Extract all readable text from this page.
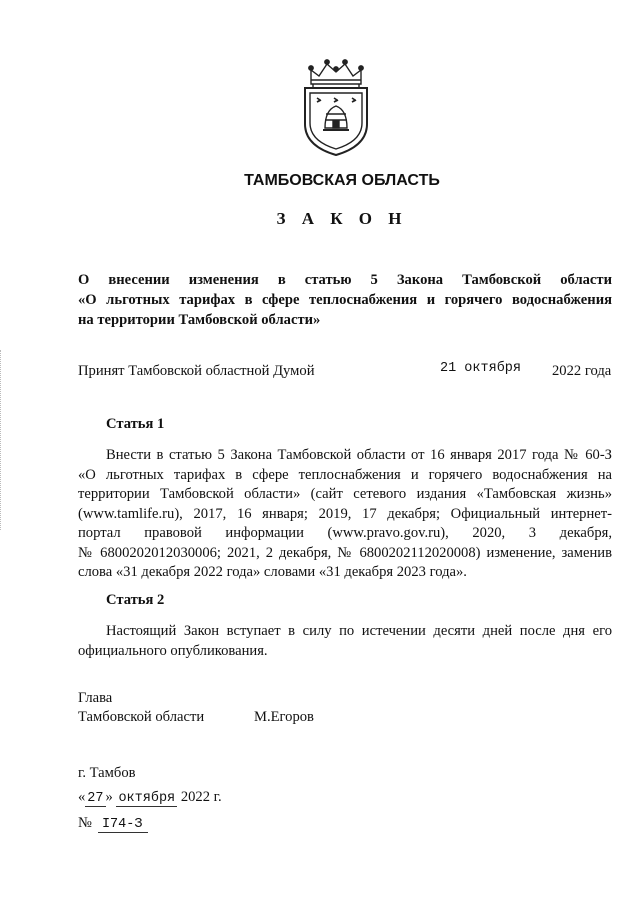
ТАМБОВСКАЯ ОБЛАСТЬ
З А К О Н
О внесении изменения в статью 5 Закона Тамбовской области
«О льготных тарифах в сфере теплоснабжения и горячего водоснабжения
на территории Тамбовской области»
Принят Тамбовской областной Думой	21 октября 2022 года
Статья 1
Внести в статью 5 Закона Тамбовской области от 16 января 2017 года № 60-З
«О льготных тарифах в сфере теплоснабжения и горячего водоснабжения на
территории Тамбовской области» (сайт сетевого издания «Тамбовская жизнь»
(www.tamlife.ru), 2017, 16 января; 2019, 17 декабря; Официальный интернет-
портал правовой информации (www.pravo.gov.ru), 2020, 3 декабря,
№ 6800202012030006; 2021, 2 декабря, № 6800202112020008) изменение, заменив
слова «31 декабря 2022 года» словами «31 декабря 2023 года».
Статья 2
Настоящий Закон вступает в силу по истечении десяти дней после дня его
официального опубликования.
Глава
Тамбовской области	М.Егоров
г. Тамбов
« 27 » октября 2022 г.
№ I74-З
